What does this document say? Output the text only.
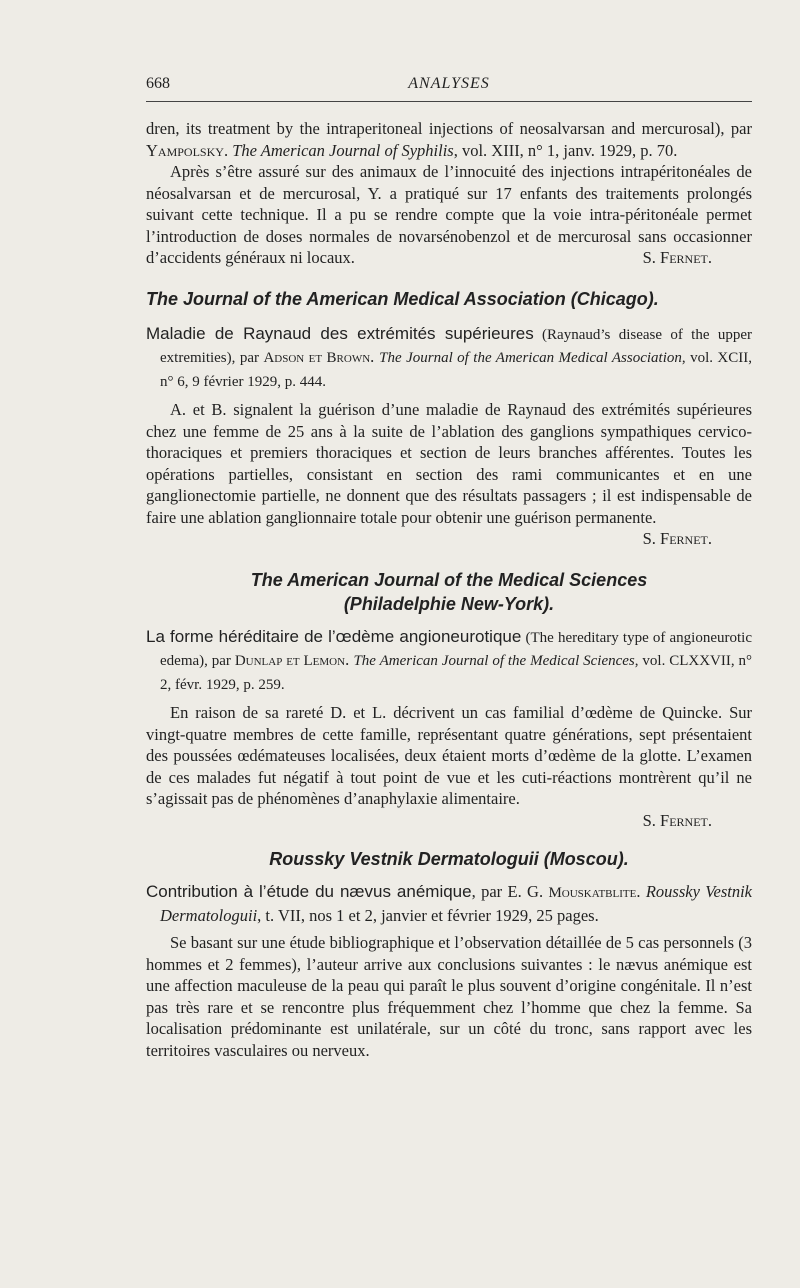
668	ANALYSES

dren, its treatment by the intraperitoneal injections of neosalvarsan and mercurosal), par Yampolsky. The American Journal of Syphilis, vol. XIII, n° 1, janv. 1929, p. 70.

Après s’être assuré sur des animaux de l’innocuité des injections intrapéritonéales de néosalvarsan et de mercurosal, Y. a pratiqué sur 17 enfants des traitements prolongés suivant cette technique. Il a pu se rendre compte que la voie intra-péritonéale permet l’introduction de doses normales de novarsénobenzol et de mercurosal sans occasionner d’accidents généraux ni locaux.	S. Fernet.

The Journal of the American Medical Association (Chicago).

Maladie de Raynaud des extrémités supérieures (Raynaud’s disease of the upper extremities), par Adson et Brown. The Journal of the American Medical Association, vol. XCII, n° 6, 9 février 1929, p. 444.

A. et B. signalent la guérison d’une maladie de Raynaud des extrémités supérieures chez une femme de 25 ans à la suite de l’ablation des ganglions sympathiques cervico-thoraciques et premiers thoraciques et section de leurs branches afférentes. Toutes les opérations partielles, consistant en section des rami communicantes et en une ganglionectomie partielle, ne donnent que des résultats passagers ; il est indispensable de faire une ablation ganglionnaire totale pour obtenir une guérison permanente.
S. Fernet.

The American Journal of the Medical Sciences

(Philadelphie New-York).

La forme héréditaire de l’œdème angioneurotique (The hereditary type of angioneurotic edema), par Dunlap et Lemon. The American Journal of the Medical Sciences, vol. CLXXVII, n° 2, févr. 1929, p. 259.

En raison de sa rareté D. et L. décrivent un cas familial d’œdème de Quincke. Sur vingt-quatre membres de cette famille, représentant quatre générations, sept présentaient des poussées œdémateuses localisées, deux étaient morts d’œdème de la glotte. L’examen de ces malades fut négatif à tout point de vue et les cuti-réactions montrèrent qu’il ne s’agissait pas de phénomènes d’anaphylaxie alimentaire.

S. Fernet.

Roussky Vestnik Dermatologuii (Moscou).

Contribution à l’étude du nævus anémique, par E. G. Mouskatblite. Roussky Vestnik Dermatologuii, t. VII, nos 1 et 2, janvier et février 1929, 25 pages.

Se basant sur une étude bibliographique et l’observation détaillée de 5 cas personnels (3 hommes et 2 femmes), l’auteur arrive aux conclusions suivantes : le nævus anémique est une affection maculeuse de la peau qui paraît le plus souvent d’origine congénitale. Il n’est pas très rare et se rencontre plus fréquemment chez l’homme que chez la femme. Sa localisation prédominante est unilatérale, sur un côté du tronc, sans rapport avec les territoires vasculaires ou nerveux.
